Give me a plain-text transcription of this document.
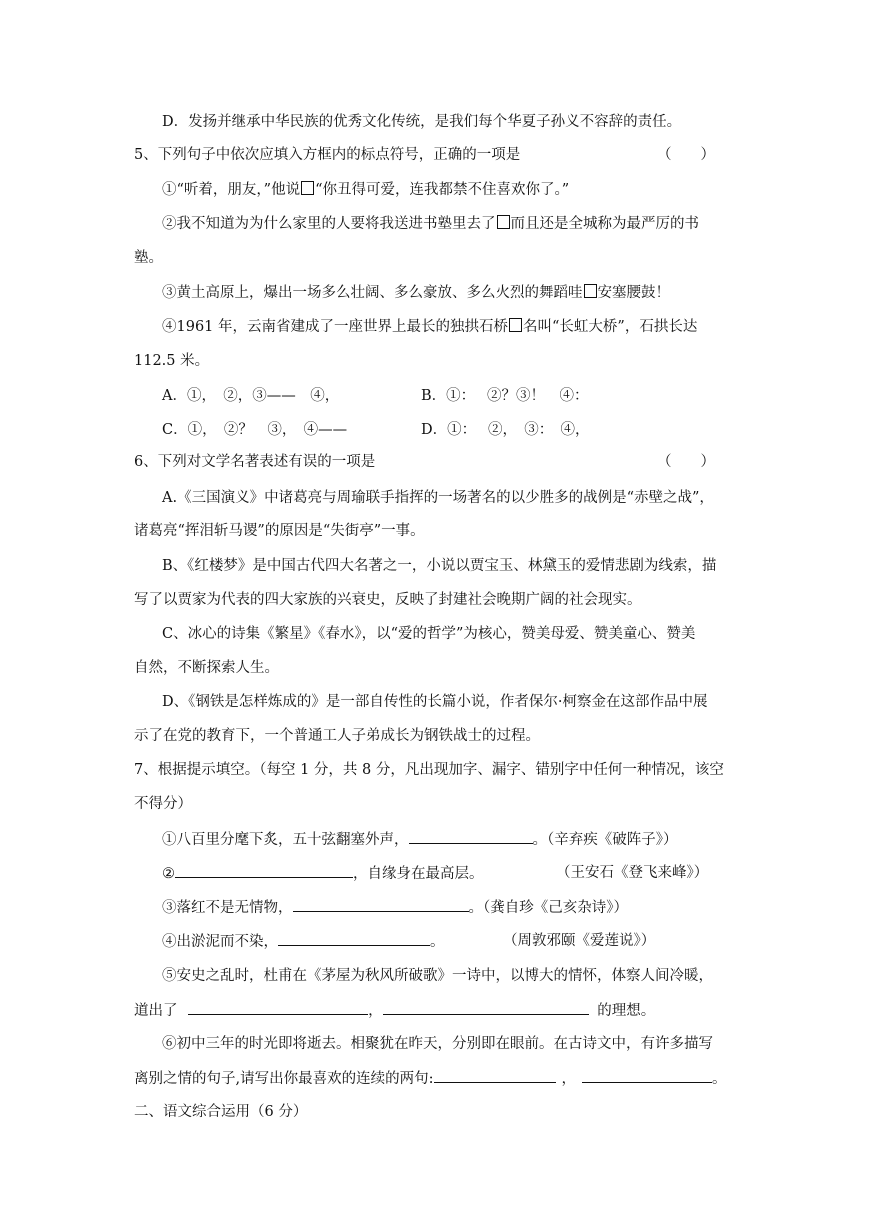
D．发扬并继承中华民族的优秀文化传统，是我们每个华夏子孙义不容辞的责任。
5、下列句子中依次应填入方框内的标点符号，正确的一项是	（　　）
①“听着，朋友，”他说 “你丑得可爱，连我都禁不住喜欢你了。”
②我不知道为为什么家里的人要将我送进书塾里去了 而且还是全城称为最严厉的书
塾。
③黄土高原上，爆出一场多么壮阔、多么豪放、多么火烈的舞蹈哇 安塞腰鼓！
④1961 年，云南省建成了一座世界上最长的独拱石桥 名叫“长虹大桥”，石拱长达
112.5 米。
A．①，　②，③——　④，	B．①：　 ②？③！　④：
C．①，　②？　③，　④——	D．①：　 ②，　③：　④，
6、下列对文学名著表述有误的一项是	（　　）
A.《三国演义》中诸葛亮与周瑜联手指挥的一场著名的以少胜多的战例是“赤壁之战”，
诸葛亮“挥泪斩马谡”的原因是“失街亭”一事。
B、《红楼梦》是中国古代四大名著之一，小说以贾宝玉、林黛玉的爱情悲剧为线索，描
写了以贾家为代表的四大家族的兴衰史，反映了封建社会晚期广阔的社会现实。
C、冰心的诗集《繁星》《春水》，以“爱的哲学”为核心，赞美母爱、赞美童心、赞美
自然，不断探索人生。
D、《钢铁是怎样炼成的》是一部自传性的长篇小说，作者保尔·柯察金在这部作品中展
示了在党的教育下，一个普通工人子弟成长为钢铁战士的过程。
7、根据提示填空。（每空 1 分，共 8 分，凡出现加字、漏字、错别字中任何一种情况，该空
不得分）
①八百里分麾下炙，五十弦翻塞外声，	。（辛弃疾《破阵子》）
②	，自缘身在最高层。	（王安石《登飞来峰》）
③落红不是无情物，	。（龚自珍《己亥杂诗》）
④出淤泥而不染，	。	（周敦邪颐《爱莲说》）
⑤安史之乱时，杜甫在《茅屋为秋风所破歌》一诗中，以博大的情怀，体察人间冷暖，
道出了	，	的理想。
⑥初中三年的时光即将逝去。相聚犹在昨天，分别即在眼前。在古诗文中，有许多描写
离别之情的句子,请写出你最喜欢的连续的两句:	，	。
二、语文综合运用（6 分）
